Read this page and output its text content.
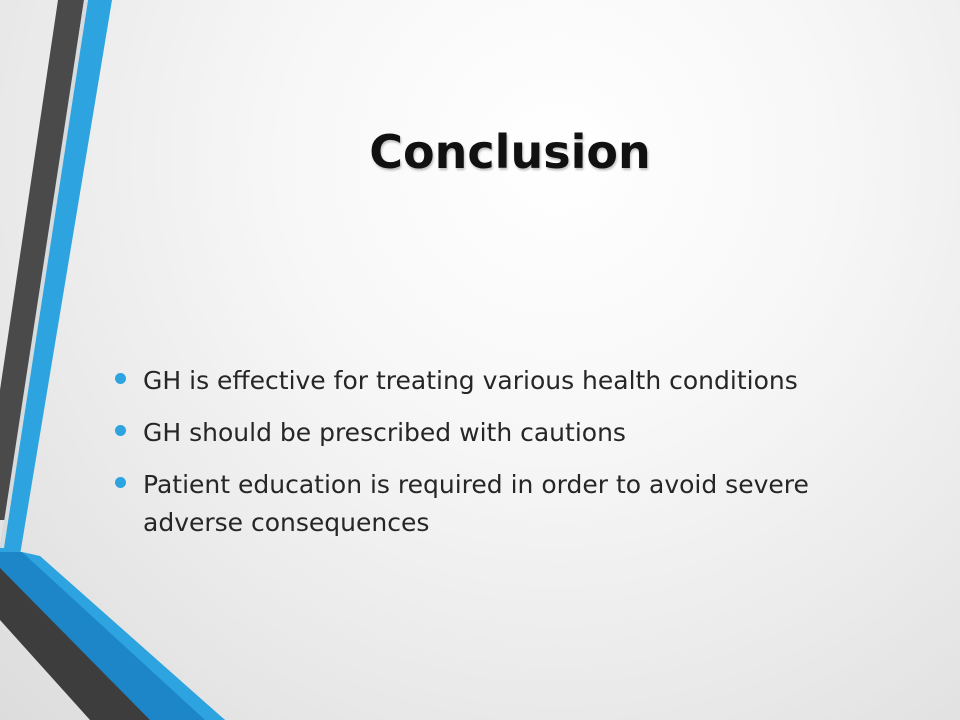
Conclusion
GH is effective for treating various health conditions
GH should be prescribed with cautions
Patient education is required in order to avoid severe adverse consequences
